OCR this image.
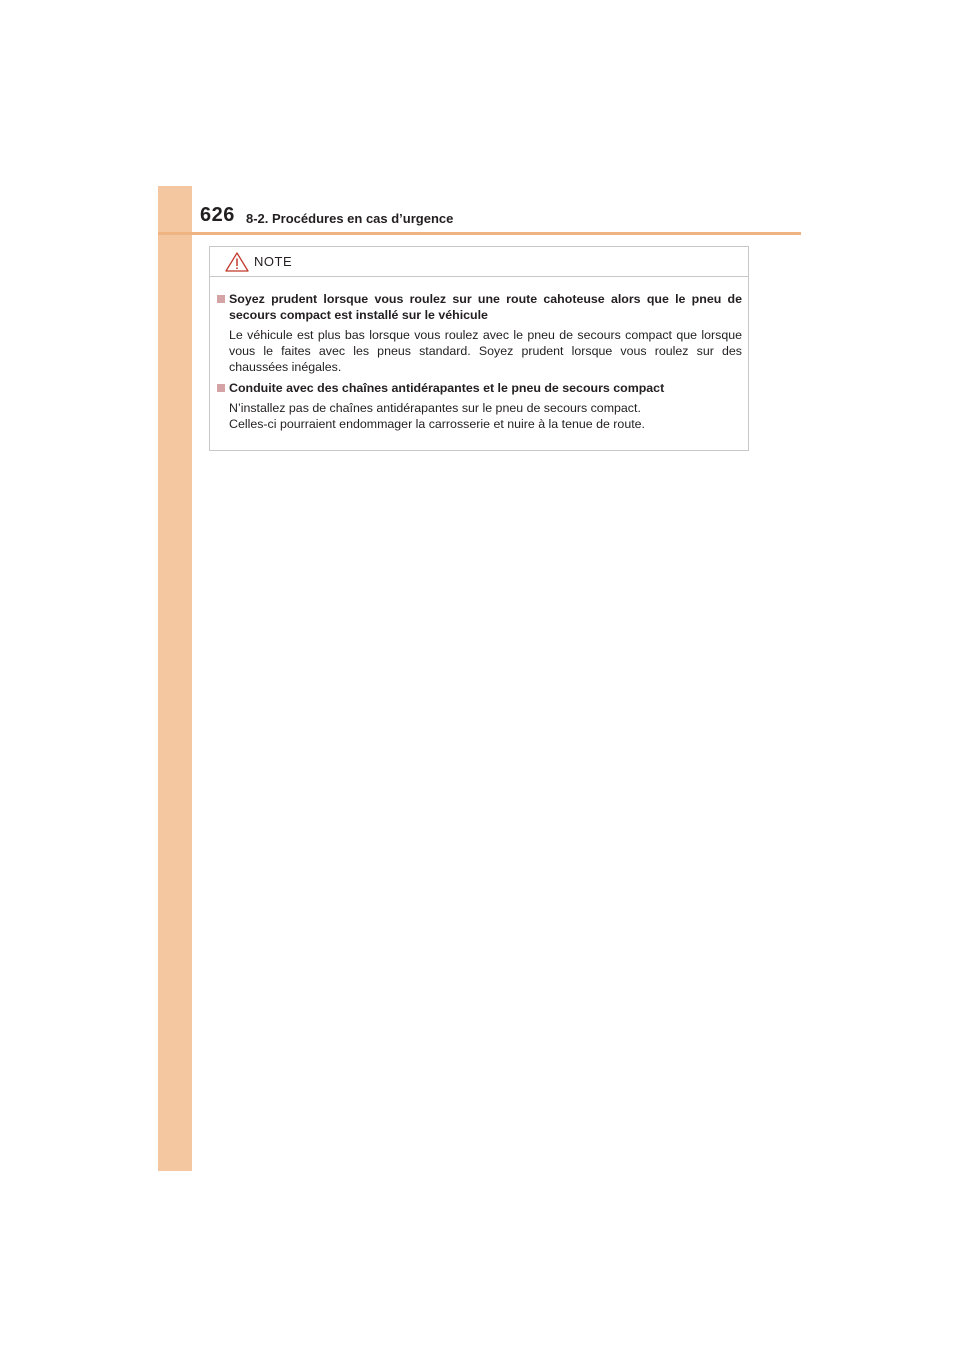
626 8-2. Procédures en cas d’urgence
NOTE
Soyez prudent lorsque vous roulez sur une route cahoteuse alors que le pneu de secours compact est installé sur le véhicule
Le véhicule est plus bas lorsque vous roulez avec le pneu de secours compact que lorsque vous le faites avec les pneus standard. Soyez prudent lorsque vous roulez sur des chaussées inégales.
Conduite avec des chaînes antidérapantes et le pneu de secours compact
N’installez pas de chaînes antidérapantes sur le pneu de secours compact.
Celles-ci pourraient endommager la carrosserie et nuire à la tenue de route.
